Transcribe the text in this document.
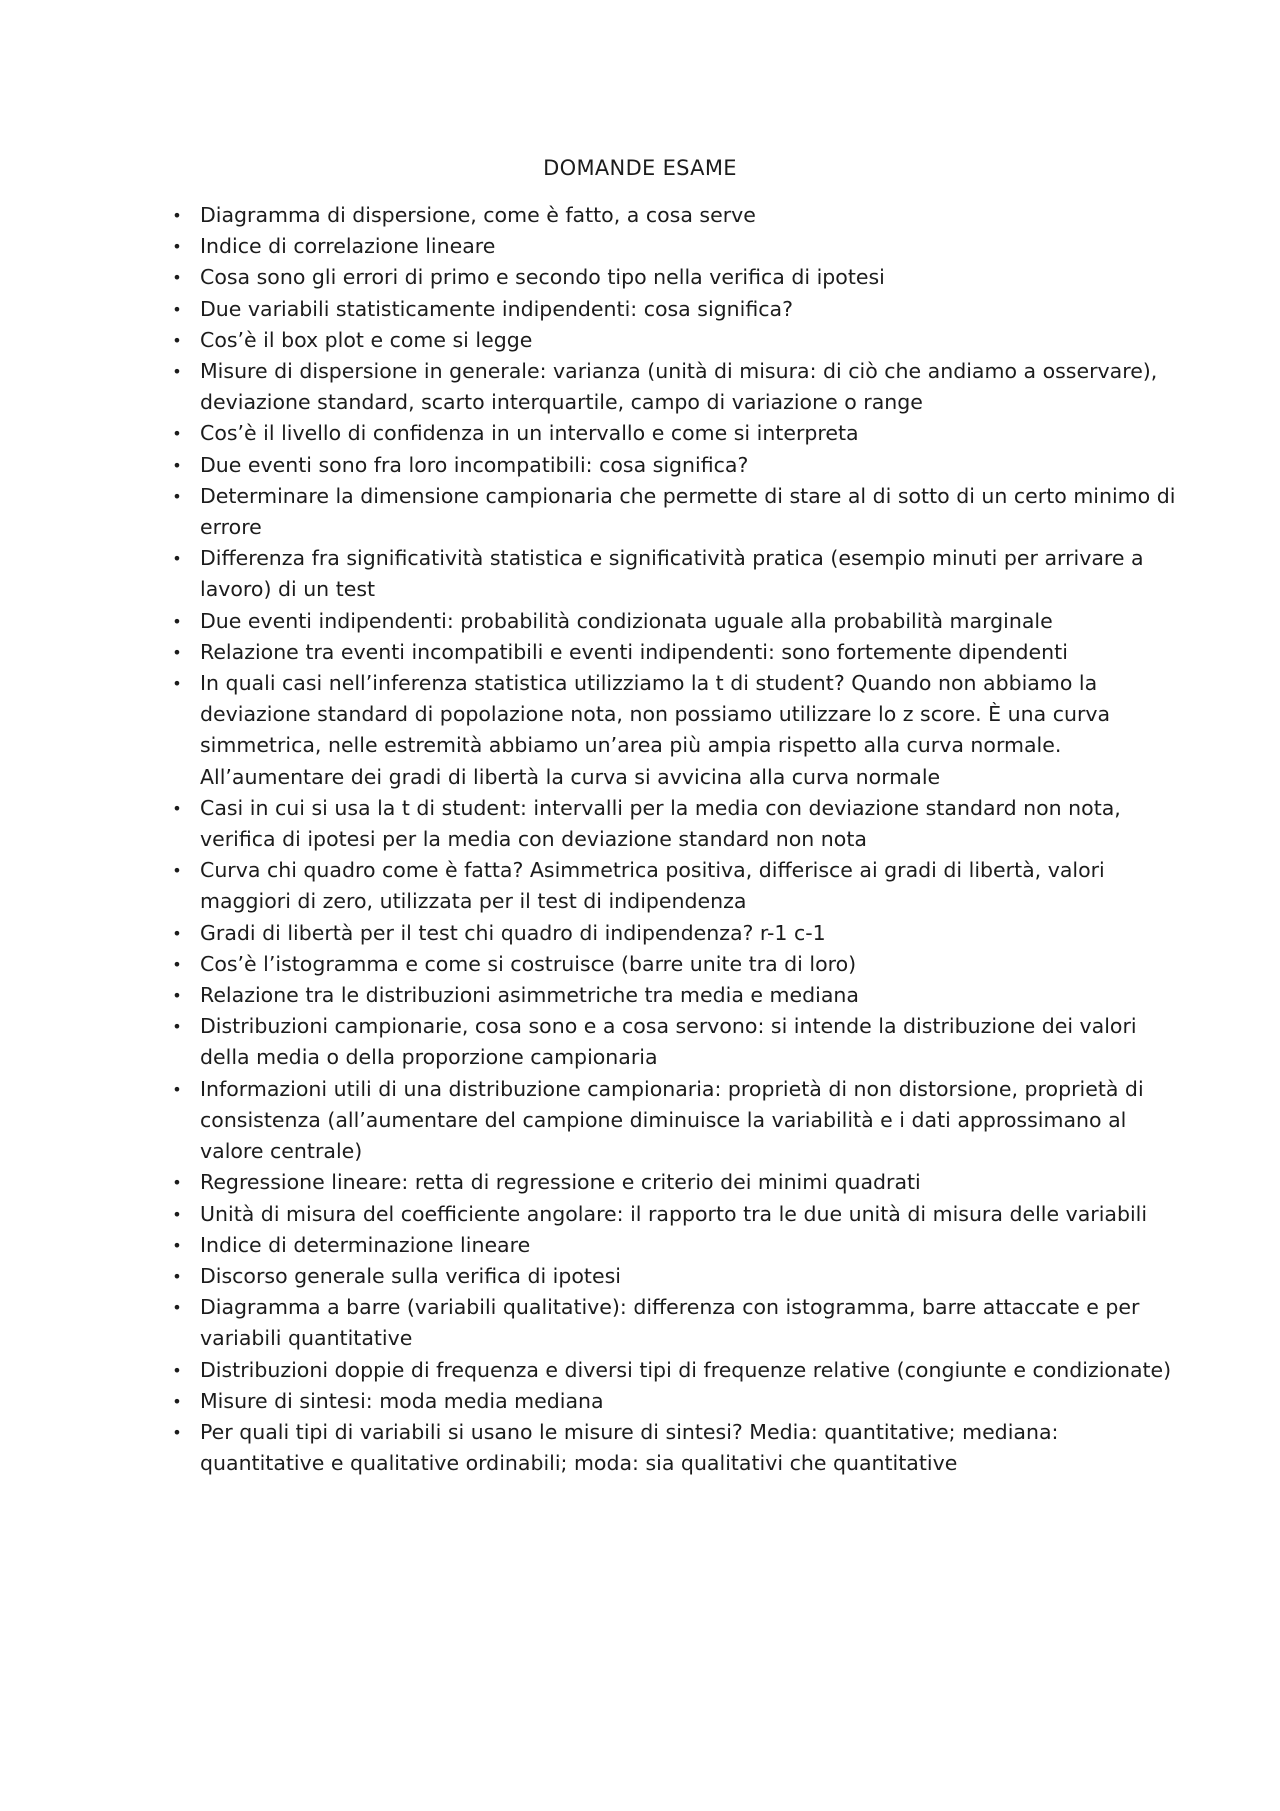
DOMANDE ESAME
• Diagramma di dispersione, come è fatto, a cosa serve
• Indice di correlazione lineare
• Cosa sono gli errori di primo e secondo tipo nella verifica di ipotesi
• Due variabili statisticamente indipendenti: cosa significa?
• Cos’è il box plot e come si legge
• Misure di dispersione in generale: varianza (unità di misura: di ciò che andiamo a osservare), deviazione standard, scarto interquartile, campo di variazione o range
• Cos’è il livello di confidenza in un intervallo e come si interpreta
• Due eventi sono fra loro incompatibili: cosa significa?
• Determinare la dimensione campionaria che permette di stare al di sotto di un certo minimo di errore
• Differenza fra significatività statistica e significatività pratica (esempio minuti per arrivare a lavoro) di un test
• Due eventi indipendenti: probabilità condizionata uguale alla probabilità marginale
• Relazione tra eventi incompatibili e eventi indipendenti: sono fortemente dipendenti
• In quali casi nell’inferenza statistica utilizziamo la t di student? Quando non abbiamo la deviazione standard di popolazione nota, non possiamo utilizzare lo z score. È una curva simmetrica, nelle estremità abbiamo un’area più ampia rispetto alla curva normale. All’aumentare dei gradi di libertà la curva si avvicina alla curva normale
• Casi in cui si usa la t di student: intervalli per la media con deviazione standard non nota, verifica di ipotesi per la media con deviazione standard non nota
• Curva chi quadro come è fatta? Asimmetrica positiva, differisce ai gradi di libertà, valori maggiori di zero, utilizzata per il test di indipendenza
• Gradi di libertà per il test chi quadro di indipendenza? r-1 c-1
• Cos’è l’istogramma e come si costruisce (barre unite tra di loro)
• Relazione tra le distribuzioni asimmetriche tra media e mediana
• Distribuzioni campionarie, cosa sono e a cosa servono: si intende la distribuzione dei valori della media o della proporzione campionaria
• Informazioni utili di una distribuzione campionaria: proprietà di non distorsione, proprietà di consistenza (all’aumentare del campione diminuisce la variabilità e i dati approssimano al valore centrale)
• Regressione lineare: retta di regressione e criterio dei minimi quadrati
• Unità di misura del coefficiente angolare: il rapporto tra le due unità di misura delle variabili
• Indice di determinazione lineare
• Discorso generale sulla verifica di ipotesi
• Diagramma a barre (variabili qualitative): differenza con istogramma, barre attaccate e per variabili quantitative
• Distribuzioni doppie di frequenza e diversi tipi di frequenze relative (congiunte e condizionate)
• Misure di sintesi: moda media mediana
• Per quali tipi di variabili si usano le misure di sintesi? Media: quantitative; mediana: quantitative e qualitative ordinabili; moda: sia qualitativi che quantitative
